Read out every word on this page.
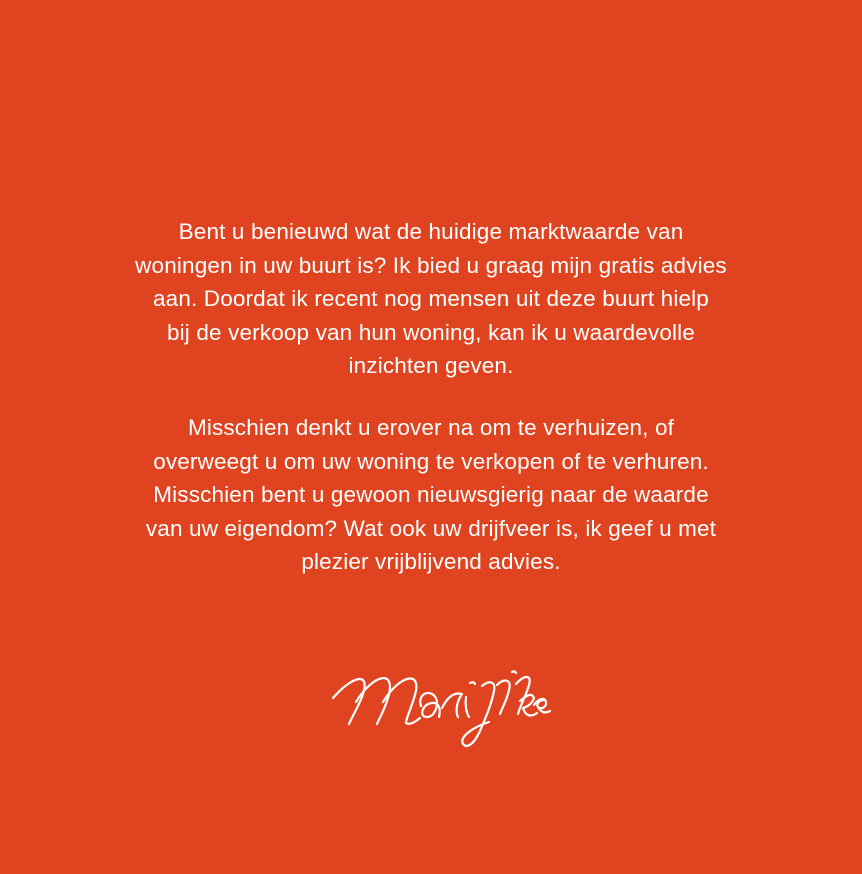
Bent u benieuwd wat de huidige marktwaarde van
woningen in uw buurt is? Ik bied u graag mijn gratis advies
aan. Doordat ik recent nog mensen uit deze buurt hielp
bij de verkoop van hun woning, kan ik u waardevolle
inzichten geven.
Misschien denkt u erover na om te verhuizen, of
overweegt u om uw woning te verkopen of te verhuren.
Misschien bent u gewoon nieuwsgierig naar de waarde
van uw eigendom? Wat ook uw drijfveer is, ik geef u met
plezier vrijblijvend advies.
